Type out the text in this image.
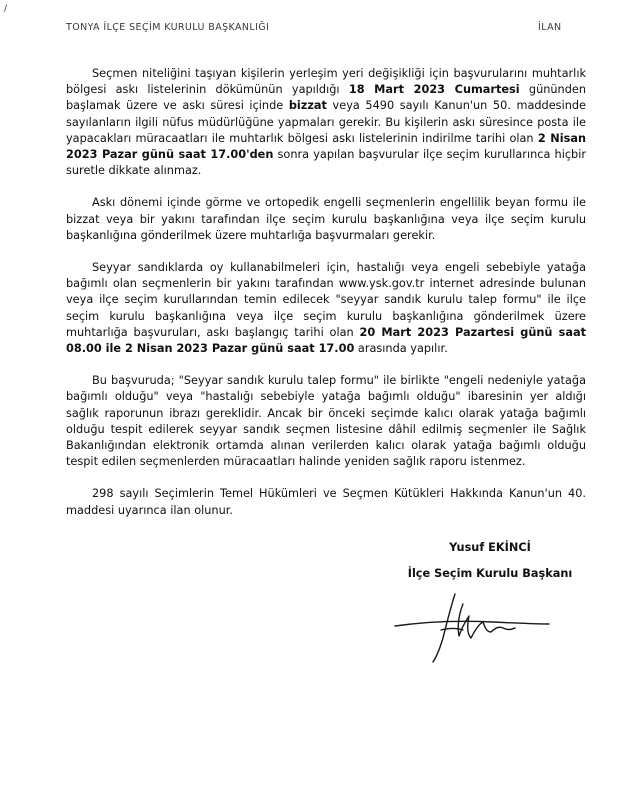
/
TONYA İLÇE SEÇİM KURULU BAŞKANLIĞI	İLAN

Seçmen niteliğini taşıyan kişilerin yerleşim yeri değişikliği için başvurularını muhtarlık bölgesi askı listelerinin dökümünün yapıldığı 18 Mart 2023 Cumartesi gününden başlamak üzere ve askı süresi içinde bizzat veya 5490 sayılı Kanun'un 50. maddesinde sayılanların ilgili nüfus müdürlüğüne yapmaları gerekir. Bu kişilerin askı süresince posta ile yapacakları müracaatları ile muhtarlık bölgesi askı listelerinin indirilme tarihi olan 2 Nisan 2023 Pazar günü saat 17.00'den sonra yapılan başvurular ilçe seçim kurullarınca hiçbir suretle dikkate alınmaz.

Askı dönemi içinde görme ve ortopedik engelli seçmenlerin engellilik beyan formu ile bizzat veya bir yakını tarafından ilçe seçim kurulu başkanlığına veya ilçe seçim kurulu başkanlığına gönderilmek üzere muhtarlığa başvurmaları gerekir.

Seyyar sandıklarda oy kullanabilmeleri için, hastalığı veya engeli sebebiyle yatağa bağımlı olan seçmenlerin bir yakını tarafından www.ysk.gov.tr internet adresinde bulunan veya ilçe seçim kurullarından temin edilecek "seyyar sandık kurulu talep formu" ile ilçe seçim kurulu başkanlığına veya ilçe seçim kurulu başkanlığına gönderilmek üzere muhtarlığa başvuruları, askı başlangıç tarihi olan 20 Mart 2023 Pazartesi günü saat 08.00 ile 2 Nisan 2023 Pazar günü saat 17.00 arasında yapılır.

Bu başvuruda; "Seyyar sandık kurulu talep formu" ile birlikte "engeli nedeniyle yatağa bağımlı olduğu" veya "hastalığı sebebiyle yatağa bağımlı olduğu" ibaresinin yer aldığı sağlık raporunun ibrazı gereklidir. Ancak bir önceki seçimde kalıcı olarak yatağa bağımlı olduğu tespit edilerek seyyar sandık seçmen listesine dâhil edilmiş seçmenler ile Sağlık Bakanlığından elektronik ortamda alınan verilerden kalıcı olarak yatağa bağımlı olduğu tespit edilen seçmenlerden müracaatları halinde yeniden sağlık raporu istenmez.

298 sayılı Seçimlerin Temel Hükümleri ve Seçmen Kütükleri Hakkında Kanun'un 40. maddesi uyarınca ilan olunur.

Yusuf EKİNCİ
İlçe Seçim Kurulu Başkanı
